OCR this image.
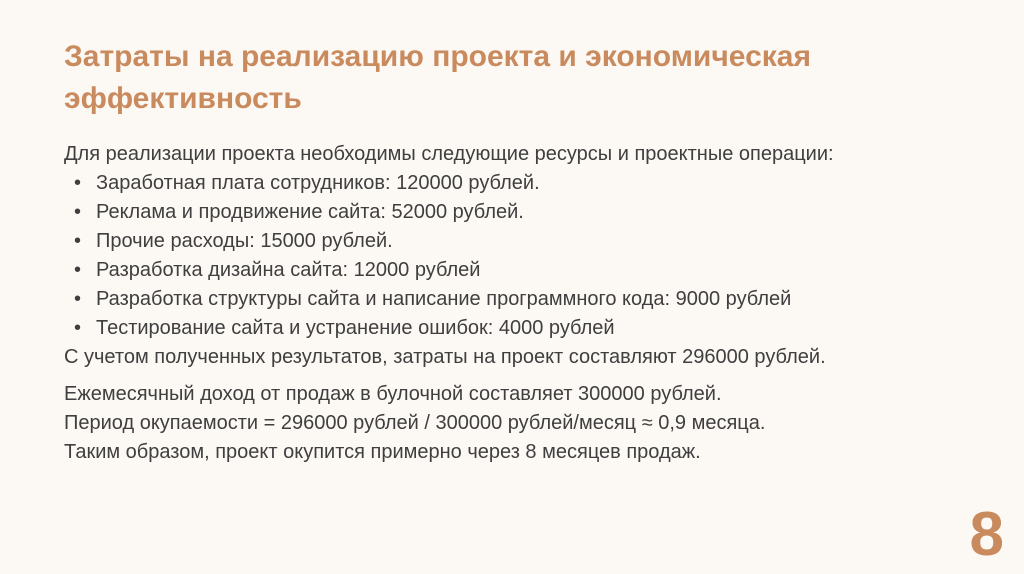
Затраты на реализацию проекта и экономическая
эффективность

Для реализации проекта необходимы следующие ресурсы и проектные операции:

• Заработная плата сотрудников: 120000 рублей.
• Реклама и продвижение сайта: 52000 рублей.
• Прочие расходы: 15000 рублей.
• Разработка дизайна сайта: 12000 рублей
• Разработка структуры сайта и написание программного кода: 9000 рублей
• Тестирование сайта и устранение ошибок: 4000 рублей

С учетом полученных результатов, затраты на проект составляют 296000 рублей.

Ежемесячный доход от продаж в булочной составляет 300000 рублей.

Период окупаемости = 296000 рублей / 300000 рублей/месяц ≈ 0,9 месяца.

Таким образом, проект окупится примерно через 8 месяцев продаж.

8
